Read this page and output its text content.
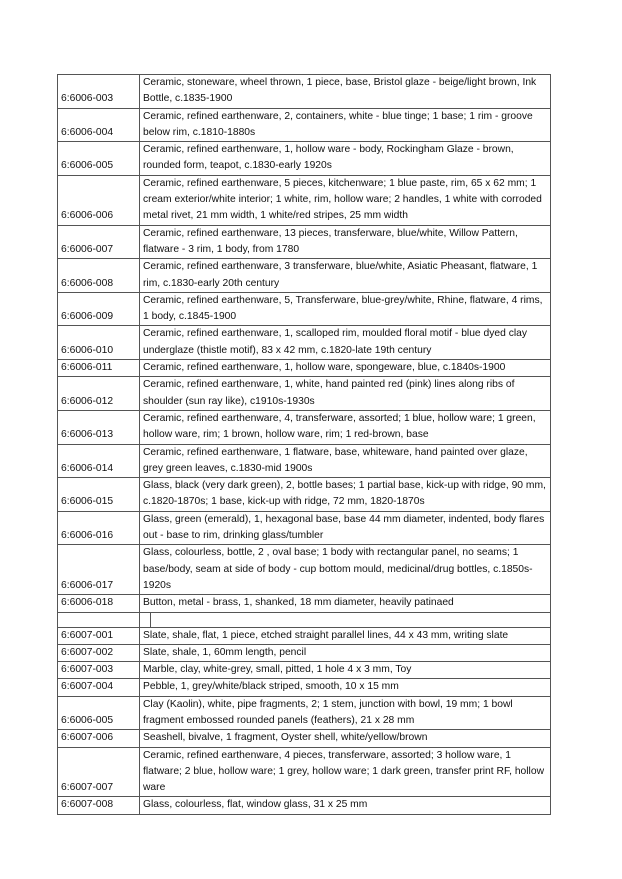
6:6006-003	Ceramic, stoneware, wheel thrown, 1 piece, base, Bristol glaze - beige/light brown, Ink Bottle, c.1835-1900	
6:6006-004	Ceramic, refined earthenware, 2, containers, white - blue tinge; 1 base; 1 rim - groove below rim, c.1810-1880s	
6:6006-005	Ceramic, refined earthenware, 1, hollow ware - body, Rockingham Glaze - brown, rounded form, teapot, c.1830-early 1920s	
6:6006-006	Ceramic, refined earthenware, 5 pieces, kitchenware; 1 blue paste, rim, 65 x 62 mm; 1 cream exterior/white interior; 1 white, rim, hollow ware; 2 handles, 1 white with corroded metal rivet, 21 mm width, 1 white/red stripes, 25 mm width	
6:6006-007	Ceramic, refined earthenware, 13 pieces, transferware, blue/white, Willow Pattern, flatware - 3 rim, 1 body, from 1780	
6:6006-008	Ceramic, refined earthenware, 3 transferware, blue/white, Asiatic Pheasant, flatware, 1 rim, c.1830-early 20th century	
6:6006-009	Ceramic, refined earthenware, 5, Transferware, blue-grey/white, Rhine, flatware, 4 rims, 1 body, c.1845-1900	
6:6006-010	Ceramic, refined earthenware, 1, scalloped rim, moulded floral motif - blue dyed clay underglaze (thistle motif), 83 x 42 mm, c.1820-late 19th century	
6:6006-011	Ceramic, refined earthenware, 1, hollow ware, spongeware, blue, c.1840s-1900	
6:6006-012	Ceramic, refined earthenware, 1, white, hand painted red (pink) lines along ribs of shoulder (sun ray like), c1910s-1930s	
6:6006-013	Ceramic, refined earthenware, 4, transferware, assorted; 1 blue, hollow ware; 1 green, hollow ware, rim; 1 brown, hollow ware, rim; 1 red-brown, base	
6:6006-014	Ceramic, refined earthenware, 1 flatware, base, whiteware, hand painted over glaze, grey green leaves, c.1830-mid 1900s	
6:6006-015	Glass, black (very dark green), 2, bottle bases; 1 partial base, kick-up with ridge, 90 mm, c.1820-1870s; 1 base, kick-up with ridge, 72 mm, 1820-1870s	
6:6006-016	Glass, green (emerald), 1, hexagonal base, base 44 mm diameter, indented, body flares out - base to rim, drinking glass/tumbler	
6:6006-017	Glass, colourless, bottle, 2 , oval base; 1 body with rectangular panel, no seams; 1 base/body, seam at side of body - cup bottom mould, medicinal/drug bottles, c.1850s-1920s	
6:6006-018	Button, metal - brass, 1, shanked, 18 mm diameter, heavily patinaed	

6:6007-001	Slate, shale, flat, 1 piece, etched straight parallel lines, 44 x 43 mm, writing slate	
6:6007-002	Slate, shale, 1, 60mm length, pencil	
6:6007-003	Marble, clay, white-grey, small, pitted, 1 hole 4 x 3 mm, Toy	
6:6007-004	Pebble, 1, grey/white/black striped, smooth, 10 x 15 mm	
6:6006-005	Clay (Kaolin), white, pipe fragments, 2; 1 stem, junction with bowl, 19 mm; 1 bowl fragment embossed rounded panels (feathers), 21 x 28 mm	
6:6007-006	Seashell, bivalve, 1 fragment, Oyster shell, white/yellow/brown	
6:6007-007	Ceramic, refined earthenware, 4 pieces, transferware, assorted; 3 hollow ware, 1 flatware; 2 blue, hollow ware; 1 grey, hollow ware; 1 dark green, transfer print RF, hollow ware	
6:6007-008	Glass, colourless, flat, window glass, 31 x 25 mm	
